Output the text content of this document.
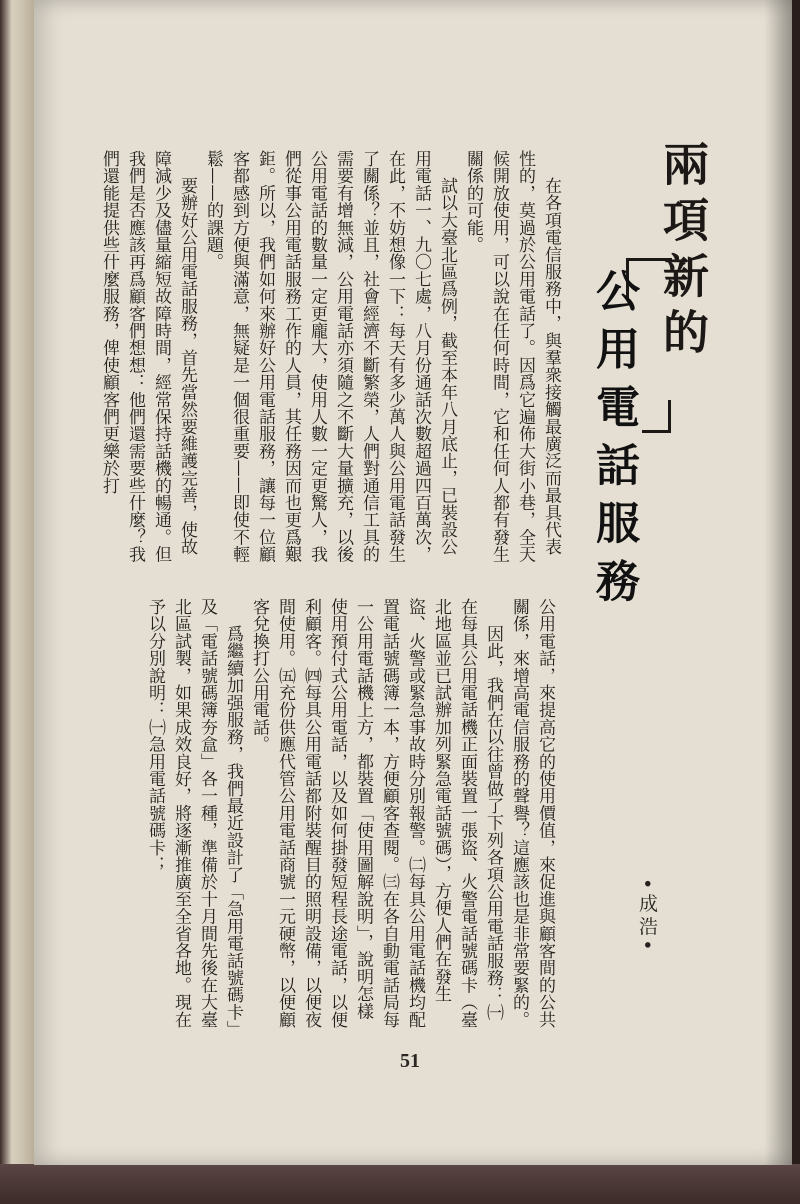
兩項新的
公用電話服務
•成浩•

在各項電信服務中，與羣衆接觸最廣泛而最具代表性的，莫過於公用電話了。因爲它遍佈大街小巷，全天候開放使用，可以說在任何時間，它和任何人都有發生關係的可能。

試以大臺北區爲例，截至本年八月底止，已裝設公用電話一、九〇七處，八月份通話次數超過四百萬次，在此，不妨想像一下：每天有多少萬人與公用電話發生了關係？並且，社會經濟不斷繁榮，人們對通信工具的需要有增無減，公用電話亦須隨之不斷大量擴充，以後公用電話的數量一定更龐大，使用人數一定更驚人，我們從事公用電話服務工作的人員，其任務因而也更爲艱鉅。所以，我們如何來辦好公用電話服務，讓每一位顧客都感到方便與滿意，無疑是一個很重要——即使不輕鬆——的課題。

要辦好公用電話服務，首先當然要維護完善，使故障減少及儘量縮短故障時間，經常保持話機的暢通。但我們是否應該再爲顧客們想想：他們還需要些什麼？我們還能提供些什麼服務，俾使顧客們更樂於打

公用電話，來提高它的使用價值，來促進與顧客間的公共關係，來增高電信服務的聲譽？這應該也是非常要緊的。

因此，我們在以往曾做了下列各項公用電話服務：㈠在每具公用電話機正面裝置一張盜、火警電話號碼卡（臺北地區並已試辦加列緊急電話號碼），方便人們在發生盜、火警或緊急事故時分別報警。㈡每具公用電話機均配置電話號碼簿一本，方便顧客查閱。㈢在各自動電話局每一公用電話機上方，都裝置「使用圖解說明」，說明怎樣使用預付式公用電話，以及如何掛發短程長途電話，以便利顧客。㈣每具公用電話都附裝醒目的照明設備，以便夜間使用。㈤充份供應代管公用電話商號一元硬幣，以便顧客兌換打公用電話。

爲繼續加强服務，我們最近設計了「急用電話號碼卡」及「電話號碼簿夯盒」各一種，準備於十月間先後在大臺北區試製，如果成效良好，將逐漸推廣至全省各地。現在予以分別說明：㈠急用電話號碼卡；

51
